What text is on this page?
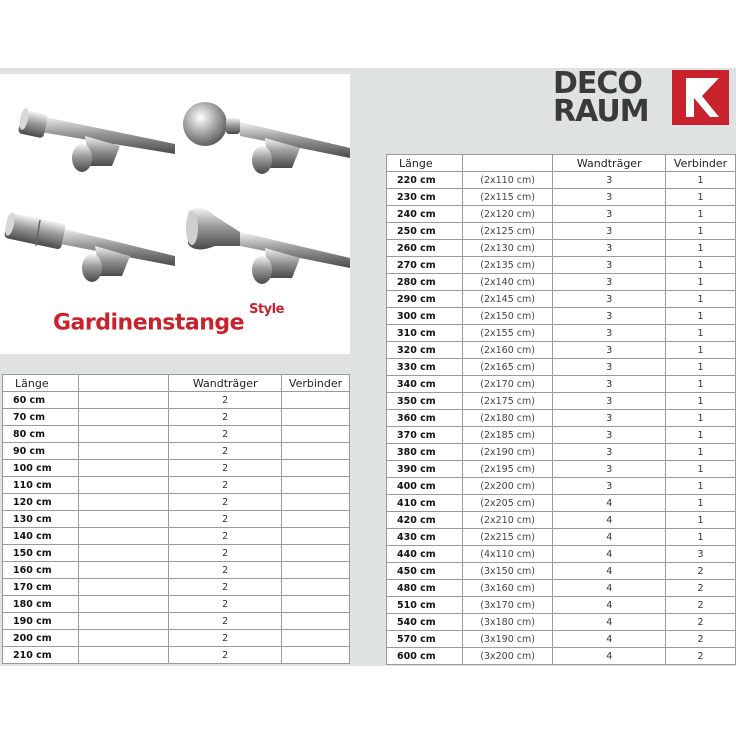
Gardinenstange$^{Style}$
DECO
RAUM
Länge		Wandträger	Verbinder
60 cm		2	
70 cm		2	
80 cm		2	
90 cm		2	
100 cm		2	
110 cm		2	
120 cm		2	
130 cm		2	
140 cm		2	
150 cm		2	
160 cm		2	
170 cm		2	
180 cm		2	
190 cm		2	
200 cm		2	
210 cm		2	
Länge		Wandträger	Verbinder
220 cm	(2x110 cm)	3	1
230 cm	(2x115 cm)	3	1
240 cm	(2x120 cm)	3	1
250 cm	(2x125 cm)	3	1
260 cm	(2x130 cm)	3	1
270 cm	(2x135 cm)	3	1
280 cm	(2x140 cm)	3	1
290 cm	(2x145 cm)	3	1
300 cm	(2x150 cm)	3	1
310 cm	(2x155 cm)	3	1
320 cm	(2x160 cm)	3	1
330 cm	(2x165 cm)	3	1
340 cm	(2x170 cm)	3	1
350 cm	(2x175 cm)	3	1
360 cm	(2x180 cm)	3	1
370 cm	(2x185 cm)	3	1
380 cm	(2x190 cm)	3	1
390 cm	(2x195 cm)	3	1
400 cm	(2x200 cm)	3	1
410 cm	(2x205 cm)	4	1
420 cm	(2x210 cm)	4	1
430 cm	(2x215 cm)	4	1
440 cm	(4x110 cm)	4	3
450 cm	(3x150 cm)	4	2
480 cm	(3x160 cm)	4	2
510 cm	(3x170 cm)	4	2
540 cm	(3x180 cm)	4	2
570 cm	(3x190 cm)	4	2
600 cm	(3x200 cm)	4	2
